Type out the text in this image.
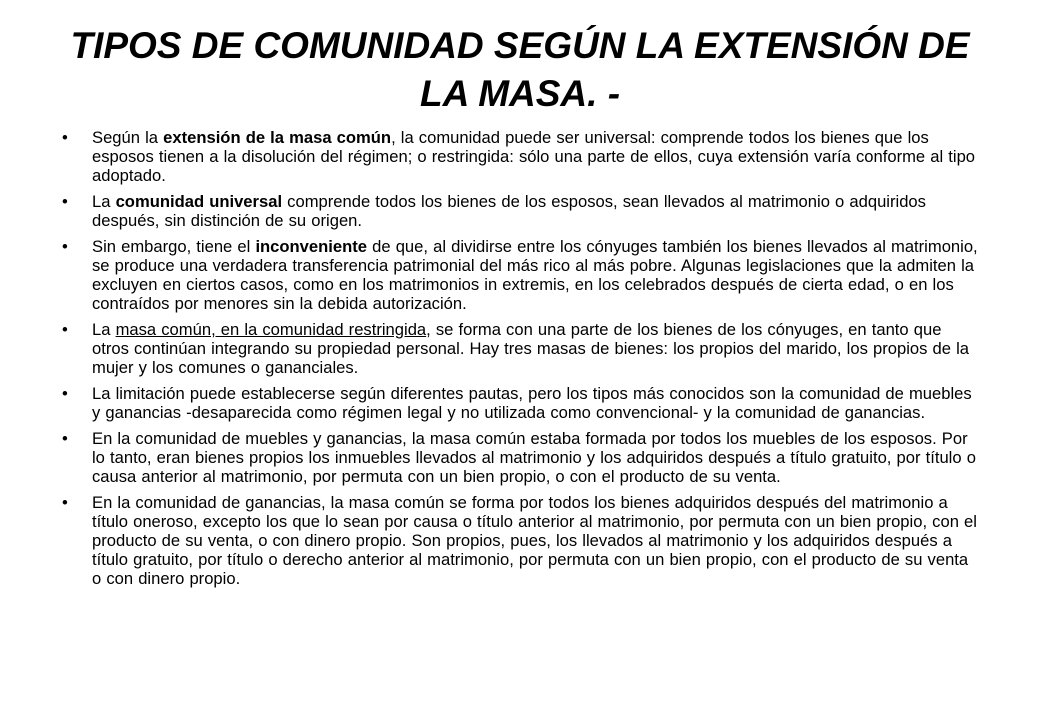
TIPOS DE COMUNIDAD SEGÚN LA EXTENSIÓN DE
LA MASA. -
• Según la extensión de la masa común, la comunidad puede ser universal: comprende todos los bienes que los esposos tienen a la disolución del régimen; o restringida: sólo una parte de ellos, cuya extensión varía conforme al tipo adoptado.
• La comunidad universal comprende todos los bienes de los esposos, sean llevados al matrimonio o adquiridos después, sin distinción de su origen.
• Sin embargo, tiene el inconveniente de que, al dividirse entre los cónyuges también los bienes llevados al matrimonio, se produce una verdadera transferencia patrimonial del más rico al más pobre. Algunas legislaciones que la admiten la excluyen en ciertos casos, como en los matrimonios in extremis, en los celebrados después de cierta edad, o en los contraídos por menores sin la debida autorización.
• La masa común, en la comunidad restringida, se forma con una parte de los bienes de los cónyuges, en tanto que otros continúan integrando su propiedad personal. Hay tres masas de bienes: los propios del marido, los propios de la mujer y los comunes o gananciales.
• La limitación puede establecerse según diferentes pautas, pero los tipos más conocidos son la comunidad de muebles y ganancias -desaparecida como régimen legal y no utilizada como convencional- y la comunidad de ganancias.
• En la comunidad de muebles y ganancias, la masa común estaba formada por todos los muebles de los esposos. Por lo tanto, eran bienes propios los inmuebles llevados al matrimonio y los adquiridos después a título gratuito, por título o causa anterior al matrimonio, por permuta con un bien propio, o con el producto de su venta.
• En la comunidad de ganancias, la masa común se forma por todos los bienes adquiridos después del matrimonio a título oneroso, excepto los que lo sean por causa o título anterior al matrimonio, por permuta con un bien propio, con el producto de su venta, o con dinero propio. Son propios, pues, los llevados al matrimonio y los adquiridos después a título gratuito, por título o derecho anterior al matrimonio, por permuta con un bien propio, con el producto de su venta o con dinero propio.
